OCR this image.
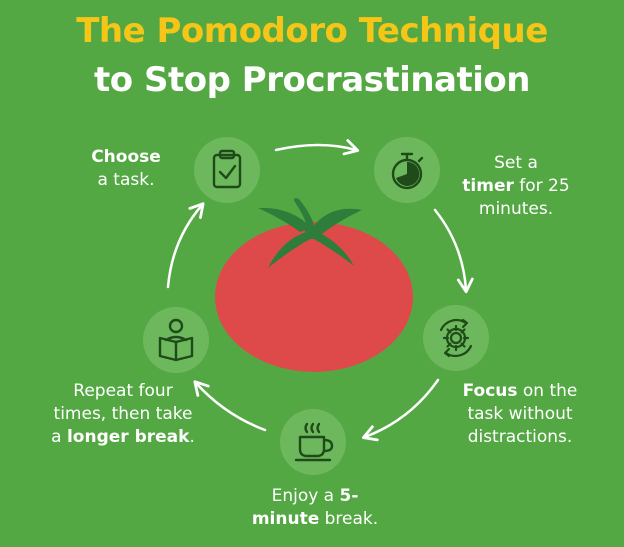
The Pomodoro Technique
to Stop Procrastination
Choose
a task.
Set a
timer for 25
minutes.
Focus on the
task without
distractions.
Enjoy a 5-
minute break.
Repeat four
times, then take
a longer break.
